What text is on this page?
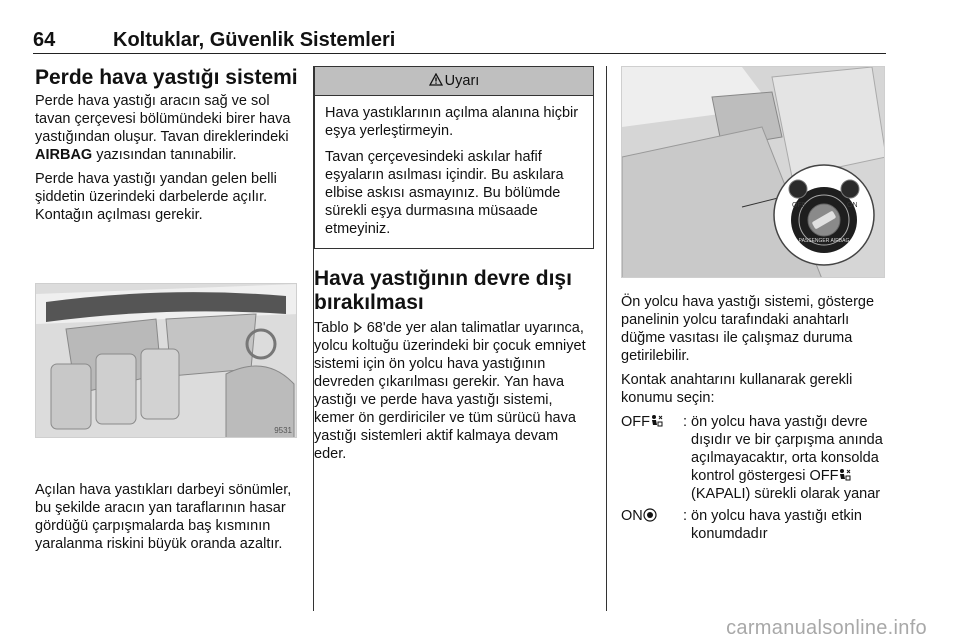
64	Koltuklar, Güvenlik Sistemleri
Perde hava yastığı sistemi

Perde hava yastığı aracın sağ ve sol tavan çerçevesi bölümündeki birer hava yastığından oluşur. Tavan direklerindeki AIRBAG yazısından tanınabilir.

Perde hava yastığı yandan gelen belli şiddetin üzerindeki darbelerde açılır. Kontağın açılması gerekir.

9531
Açılan hava yastıkları darbeyi sönümler, bu şekilde aracın yan taraflarının hasar gördüğü çarpışmalarda baş kısmının yaralanma riskini büyük oranda azaltır.
Uyarı

Hava yastıklarının açılma alanına hiçbir eşya yerleştirmeyin.

Tavan çerçevesindeki askılar hafif eşyaların asılması içindir. Bu askılara elbise askısı asmayınız. Bu bölümde sürekli eşya durmasına müsaade etmeyiniz.

Hava yastığının devre dışı bırakılması

Tablo  68'de yer alan talimatlar uyarınca, yolcu koltuğu üzerindeki bir çocuk emniyet sistemi için ön yolcu hava yastığının devreden çıkarılması gerekir. Yan hava yastığı ve perde hava yastığı sistemi, kemer ön gerdiriciler ve tüm sürücü hava yastığı sistemleri aktif kalmaya devam eder.

PASSENGER AIRBAG
OFF	ON

Ön yolcu hava yastığı sistemi, gösterge panelinin yolcu tarafındaki anahtarlı düğme vasıtası ile çalışmaz duruma getirilebilir.

Kontak anahtarını kullanarak gerekli konumu seçin:

OFF	: ön yolcu hava yastığı devre dışıdır ve bir çarpışma anında açılmayacaktır, orta konsolda kontrol göstergesi OFF (KAPALI) sürekli olarak yanar
ON	: ön yolcu hava yastığı etkin konumdadır
carmanualsonline.info
